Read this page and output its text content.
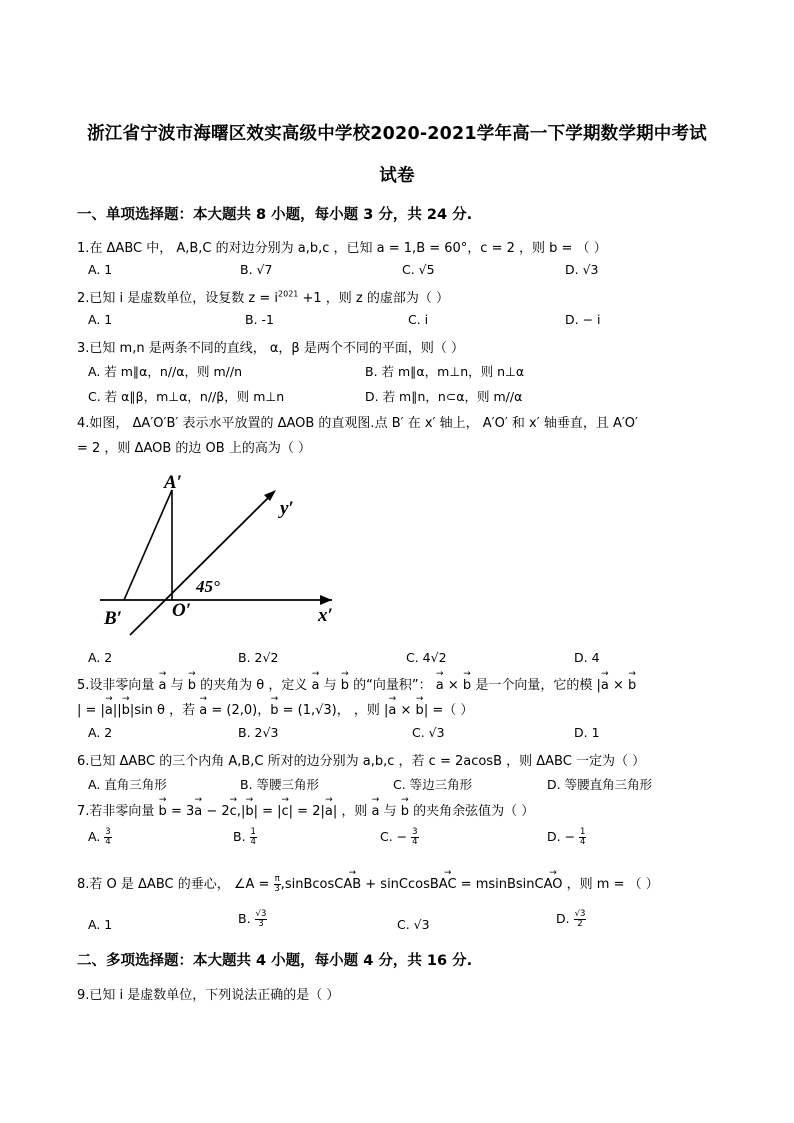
浙江省宁波市海曙区效实高级中学校2020-2021学年高一下学期数学期中考试
试卷
一、单项选择题：本大题共 8 小题，每小题 3 分，共 24 分.
1.在 ΔABC 中， A,B,C 的对边分别为 a,b,c ，已知 a = 1,B = 60°，c = 2 ，则 b = （ ）
A. 1	B. √7	C. √5	D. √3
2.已知 i 是虚数单位，设复数 $z = i^{2021} +1$ ，则 z 的虚部为（ ）
A. 1	B. -1	C. i	D. − i
3.已知 m,n 是两条不同的直线， α，β 是两个不同的平面，则（ ）
A. 若 m∥α，n//α，则 m//n	B. 若 m∥α，m⊥n，则 n⊥α
C. 若 α∥β，m⊥α，n//β，则 m⊥n	D. 若 m∥n，n⊂α，则 m//α
4.如图， ΔA′O′B′ 表示水平放置的 ΔAOB 的直观图.点 B′ 在 x′ 轴上， A′O′ 和 x′ 轴垂直，且 A′O′
= 2 ，则 ΔAOB 的边 OB 上的高为（ ）
A′
y′
45°
B′	O′	x′
A. 2	B. 2√2	C. 4√2	D. 4
5.设非零向量 → a 与 → b 的夹角为 θ ，定义 → a 与 → b 的“向量积”： → a × → b 是一个向量，它的模 |→ a × → b
| = |→ a||→ b|sin θ ，若 → a = (2,0)，→ b = (1,√3)， ，则 |→ a × → b| =（ ）
A. 2	B. 2√3	C. √3	D. 1
6.已知 ΔABC 的三个内角 A,B,C 所对的边分别为 a,b,c ，若 c = 2acosB ，则 ΔABC 一定为（ ）
A. 直角三角形	B. 等腰三角形	C. 等边三角形	D. 等腰直角三角形
7.若非零向量 → b = 3→ a − 2→ c,|→ b| = |→ c| = 2|→ a| ，则 → a 与 → b 的夹角余弦值为（ ）
A. $\frac{3}{4}$	B. $\frac{1}{4}$	C. − $\frac{3}{4}$	D. − $\frac{1}{4}$
8.若 O 是 ΔABC 的垂心， ∠A = $\frac{\pi}{3}$ ,sinBcosC→ AB + sinCcosB→ AC = msinBsinC→ AO ，则 m = （ ）
A. 1	B. $\frac{√3}{3}$	C. √3	D. $\frac{√3}{2}$
二、多项选择题：本大题共 4 小题，每小题 4 分，共 16 分.
9.已知 i 是虚数单位，下列说法正确的是（ ）
